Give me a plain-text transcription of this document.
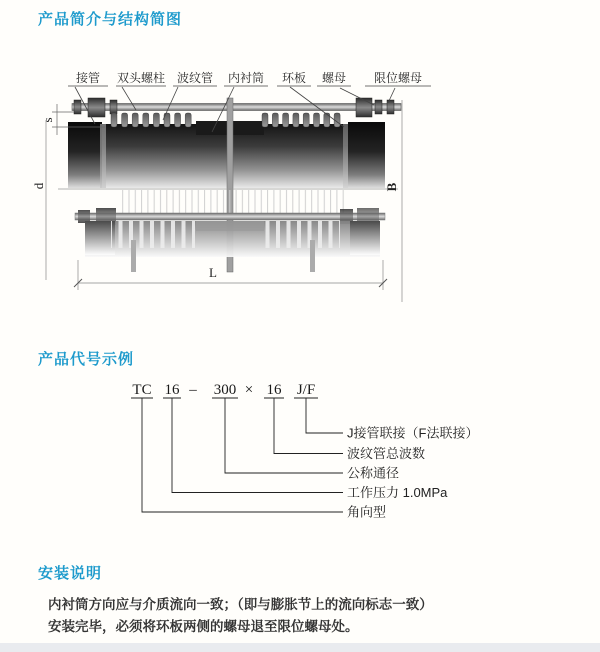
产品简介与结构简图
s
d	B
L
接管 双头螺柱 波纹管 内衬筒 环板 螺母 限位螺母
产品代号示例
TC 16 – 300 × 16 J/F
J接管联接（F法联接）
波纹管总波数
公称通径
工作压力 1.0MPa
角向型
安装说明
内衬筒方向应与介质流向一致；（即与膨胀节上的流向标志一致）
安装完毕，必须将环板两侧的螺母退至限位螺母处。
